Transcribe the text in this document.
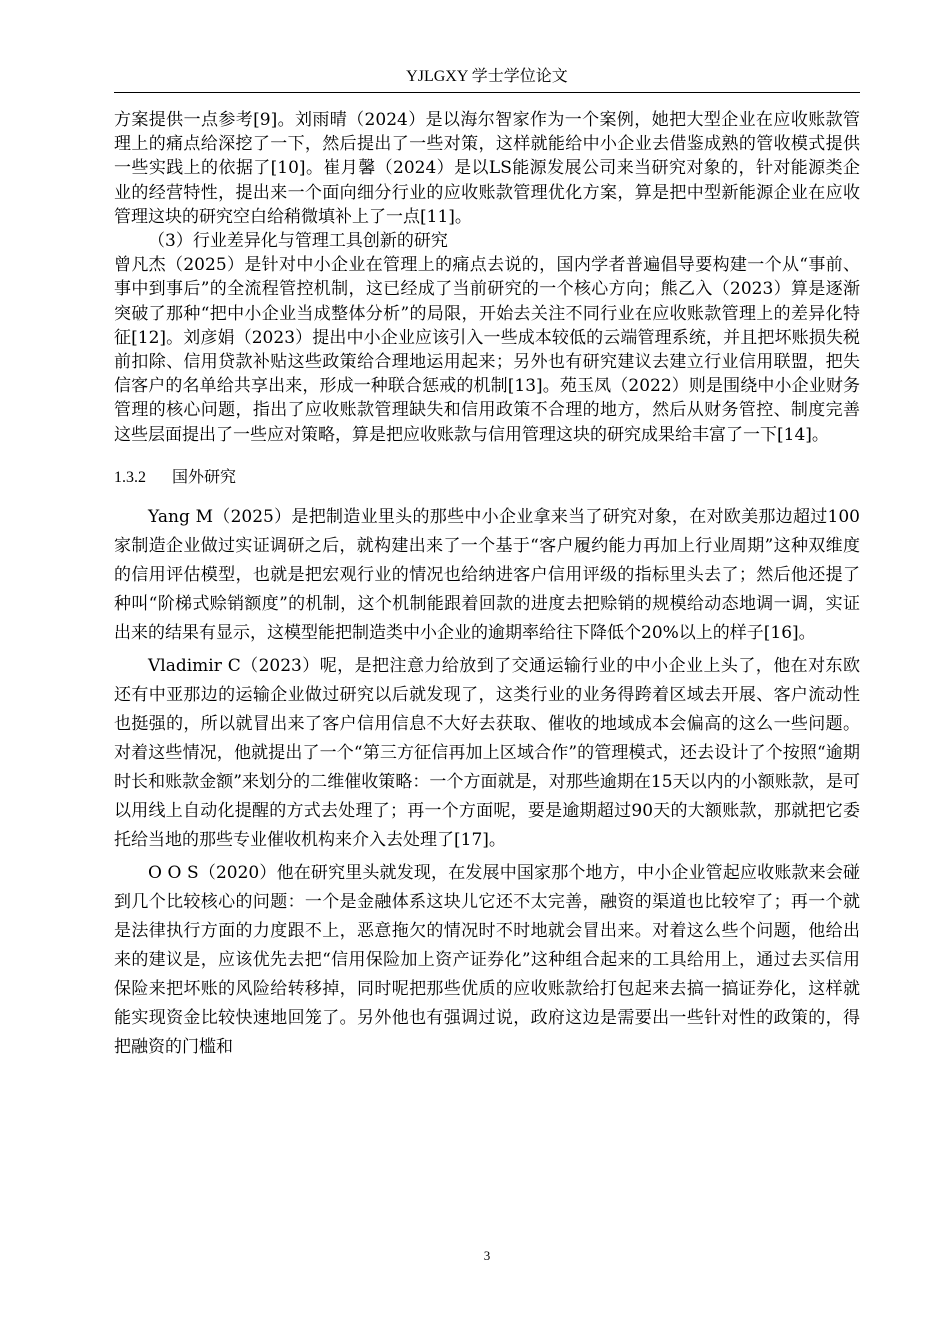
YJLGXY 学士学位论文

方案提供一点参考[9]。刘雨晴（2024）是以海尔智家作为一个案例，她把大型企业在应收账款管理上的痛点给深挖了一下，然后提出了一些对策，这样就能给中小企业去借鉴成熟的管收模式提供一些实践上的依据了[10]。崔月馨（2024）是以LS能源发展公司来当研究对象的，针对能源类企业的经营特性，提出来一个面向细分行业的应收账款管理优化方案，算是把中型新能源企业在应收管理这块的研究空白给稍微填补上了一点[11]。

（3）行业差异化与管理工具创新的研究

曾凡杰（2025）是针对中小企业在管理上的痛点去说的，国内学者普遍倡导要构建一个从“事前、事中到事后”的全流程管控机制，这已经成了当前研究的一个核心方向；熊乙入（2023）算是逐渐突破了那种“把中小企业当成整体分析”的局限，开始去关注不同行业在应收账款管理上的差异化特征[12]。刘彦娟（2023）提出中小企业应该引入一些成本较低的云端管理系统，并且把坏账损失税前扣除、信用贷款补贴这些政策给合理地运用起来；另外也有研究建议去建立行业信用联盟，把失信客户的名单给共享出来，形成一种联合惩戒的机制[13]。苑玉凤（2022）则是围绕中小企业财务管理的核心问题，指出了应收账款管理缺失和信用政策不合理的地方，然后从财务管控、制度完善这些层面提出了一些应对策略，算是把应收账款与信用管理这块的研究成果给丰富了一下[14]。

1.3.2 国外研究

Yang M（2025）是把制造业里头的那些中小企业拿来当了研究对象，在对欧美那边超过100家制造企业做过实证调研之后，就构建出来了一个基于“客户履约能力再加上行业周期”这种双维度的信用评估模型，也就是把宏观行业的情况也给纳进客户信用评级的指标里头去了；然后他还提了种叫“阶梯式赊销额度”的机制，这个机制能跟着回款的进度去把赊销的规模给动态地调一调，实证出来的结果有显示，这模型能把制造类中小企业的逾期率给往下降低个20%以上的样子[16]。

Vladimir C（2023）呢，是把注意力给放到了交通运输行业的中小企业上头了，他在对东欧还有中亚那边的运输企业做过研究以后就发现了，这类行业的业务得跨着区域去开展、客户流动性也挺强的，所以就冒出来了客户信用信息不大好去获取、催收的地域成本会偏高的这么一些问题。对着这些情况，他就提出了一个“第三方征信再加上区域合作”的管理模式，还去设计了个按照“逾期时长和账款金额”来划分的二维催收策略：一个方面就是，对那些逾期在15天以内的小额账款，是可以用线上自动化提醒的方式去处理了；再一个方面呢，要是逾期超过90天的大额账款，那就把它委托给当地的那些专业催收机构来介入去处理了[17]。

O O S（2020）他在研究里头就发现，在发展中国家那个地方，中小企业管起应收账款来会碰到几个比较核心的问题：一个是金融体系这块儿它还不太完善，融资的渠道也比较窄了；再一个就是法律执行方面的力度跟不上，恶意拖欠的情况时不时地就会冒出来。对着这么些个问题，他给出来的建议是，应该优先去把“信用保险加上资产证券化”这种组合起来的工具给用上，通过去买信用保险来把坏账的风险给转移掉，同时呢把那些优质的应收账款给打包起来去搞一搞证券化，这样就能实现资金比较快速地回笼了。另外他也有强调过说，政府这边是需要出一些针对性的政策的，得把融资的门槛和

3
